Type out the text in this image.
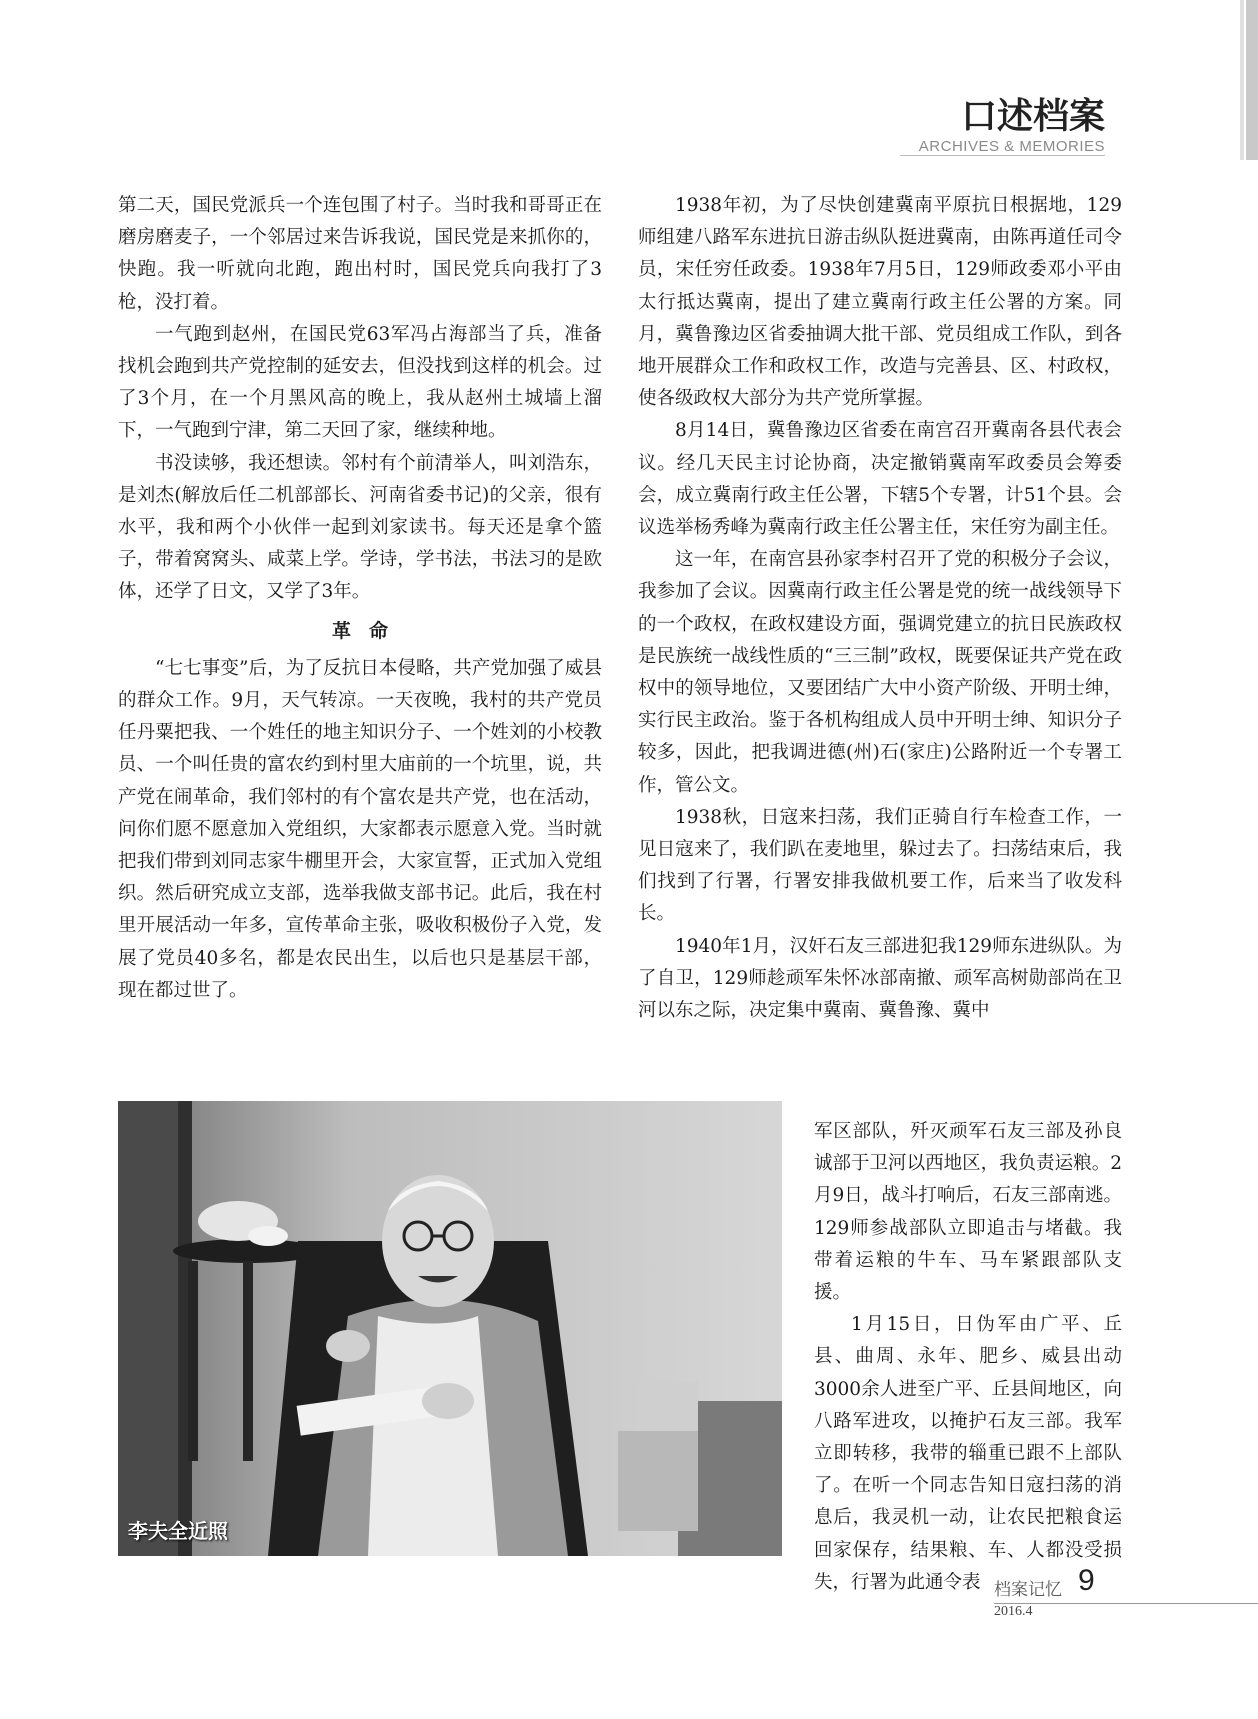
口述档案
ARCHIVES & MEMORIES

第二天，国民党派兵一个连包围了村子。当时我和哥哥正在磨房磨麦子，一个邻居过来告诉我说，国民党是来抓你的，快跑。我一听就向北跑，跑出村时，国民党兵向我打了3枪，没打着。

一气跑到赵州，在国民党63军冯占海部当了兵，准备找机会跑到共产党控制的延安去，但没找到这样的机会。过了3个月，在一个月黑风高的晚上，我从赵州土城墙上溜下，一气跑到宁津，第二天回了家，继续种地。

书没读够，我还想读。邻村有个前清举人，叫刘浩东，是刘杰(解放后任二机部部长、河南省委书记)的父亲，很有水平，我和两个小伙伴一起到刘家读书。每天还是拿个篮子，带着窝窝头、咸菜上学。学诗，学书法，书法习的是欧体，还学了日文，又学了3年。

革命

“七七事变”后，为了反抗日本侵略，共产党加强了威县的群众工作。9月，天气转凉。一天夜晚，我村的共产党员任丹粟把我、一个姓任的地主知识分子、一个姓刘的小校教员、一个叫任贵的富农约到村里大庙前的一个坑里，说，共产党在闹革命，我们邻村的有个富农是共产党，也在活动，问你们愿不愿意加入党组织，大家都表示愿意入党。当时就把我们带到刘同志家牛棚里开会，大家宣誓，正式加入党组织。然后研究成立支部，选举我做支部书记。此后，我在村里开展活动一年多，宣传革命主张，吸收积极份子入党，发展了党员40多名，都是农民出生，以后也只是基层干部，现在都过世了。

1938年初，为了尽快创建冀南平原抗日根据地，129师组建八路军东进抗日游击纵队挺进冀南，由陈再道任司令员，宋任穷任政委。1938年7月5日，129师政委邓小平由太行抵达冀南，提出了建立冀南行政主任公署的方案。同月，冀鲁豫边区省委抽调大批干部、党员组成工作队，到各地开展群众工作和政权工作，改造与完善县、区、村政权，使各级政权大部分为共产党所掌握。

8月14日，冀鲁豫边区省委在南宫召开冀南各县代表会议。经几天民主讨论协商，决定撤销冀南军政委员会筹委会，成立冀南行政主任公署，下辖5个专署，计51个县。会议选举杨秀峰为冀南行政主任公署主任，宋任穷为副主任。

这一年，在南宫县孙家李村召开了党的积极分子会议，我参加了会议。因冀南行政主任公署是党的统一战线领导下的一个政权，在政权建设方面，强调党建立的抗日民族政权是民族统一战线性质的“三三制”政权，既要保证共产党在政权中的领导地位，又要团结广大中小资产阶级、开明士绅，实行民主政治。鉴于各机构组成人员中开明士绅、知识分子较多，因此，把我调进德(州)石(家庄)公路附近一个专署工作，管公文。

1938秋，日寇来扫荡，我们正骑自行车检查工作，一见日寇来了，我们趴在麦地里，躲过去了。扫荡结束后，我们找到了行署，行署安排我做机要工作，后来当了收发科长。

1940年1月，汉奸石友三部进犯我129师东进纵队。为了自卫，129师趁顽军朱怀冰部南撤、顽军高树勋部尚在卫河以东之际，决定集中冀南、冀鲁豫、冀中

李夫全近照

军区部队，歼灭顽军石友三部及孙良诚部于卫河以西地区，我负责运粮。2月9日，战斗打响后，石友三部南逃。129师参战部队立即追击与堵截。我带着运粮的牛车、马车紧跟部队支援。

1月15日，日伪军由广平、丘县、曲周、永年、肥乡、威县出动3000余人进至广平、丘县间地区，向八路军进攻，以掩护石友三部。我军立即转移，我带的辎重已跟不上部队了。在听一个同志告知日寇扫荡的消息后，我灵机一动，让农民把粮食运回家保存，结果粮、车、人都没受损失，行署为此通令表 档案记忆 9
2016.4
